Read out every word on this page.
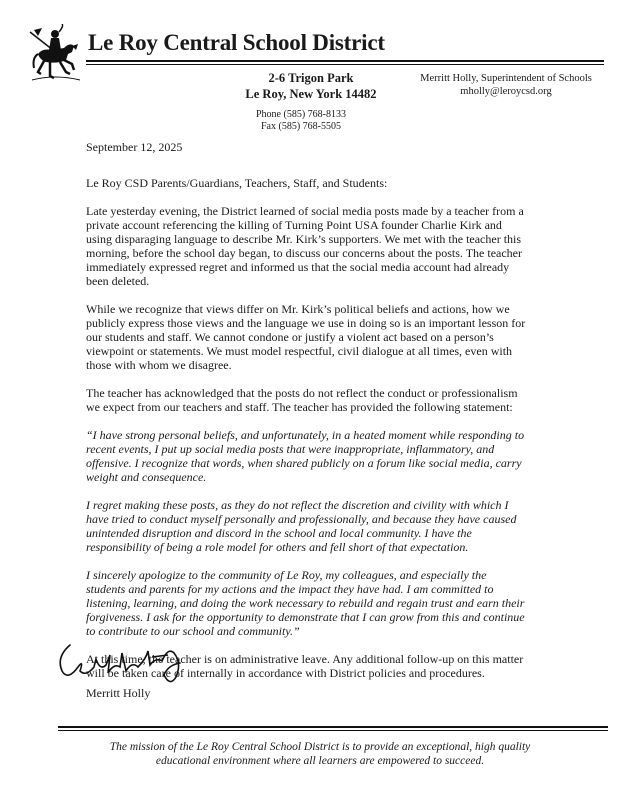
Le Roy Central School District
2-6 Trigon Park
Le Roy, New York 14482
Merritt Holly, Superintendent of Schools
mholly@leroycsd.org
Phone (585) 768-8133
Fax (585) 768-5505

September 12, 2025

Le Roy CSD Parents/Guardians, Teachers, Staff, and Students:

Late yesterday evening, the District learned of social media posts made by a teacher from a private account referencing the killing of Turning Point USA founder Charlie Kirk and using disparaging language to describe Mr. Kirk’s supporters. We met with the teacher this morning, before the school day began, to discuss our concerns about the posts. The teacher immediately expressed regret and informed us that the social media account had already been deleted.

While we recognize that views differ on Mr. Kirk’s political beliefs and actions, how we publicly express those views and the language we use in doing so is an important lesson for our students and staff. We cannot condone or justify a violent act based on a person’s viewpoint or statements. We must model respectful, civil dialogue at all times, even with those with whom we disagree.

The teacher has acknowledged that the posts do not reflect the conduct or professionalism we expect from our teachers and staff. The teacher has provided the following statement:

“I have strong personal beliefs, and unfortunately, in a heated moment while responding to recent events, I put up social media posts that were inappropriate, inflammatory, and offensive. I recognize that words, when shared publicly on a forum like social media, carry weight and consequence.

I regret making these posts, as they do not reflect the discretion and civility with which I have tried to conduct myself personally and professionally, and because they have caused unintended disruption and discord in the school and local community. I have the responsibility of being a role model for others and fell short of that expectation.

I sincerely apologize to the community of Le Roy, my colleagues, and especially the students and parents for my actions and the impact they have had. I am committed to listening, learning, and doing the work necessary to rebuild and regain trust and earn their forgiveness. I ask for the opportunity to demonstrate that I can grow from this and continue to contribute to our school and community.”

At this time, the teacher is on administrative leave. Any additional follow-up on this matter will be taken care of internally in accordance with District policies and procedures.

Merritt Holly
The mission of the Le Roy Central School District is to provide an exceptional, high quality educational environment where all learners are empowered to succeed.
